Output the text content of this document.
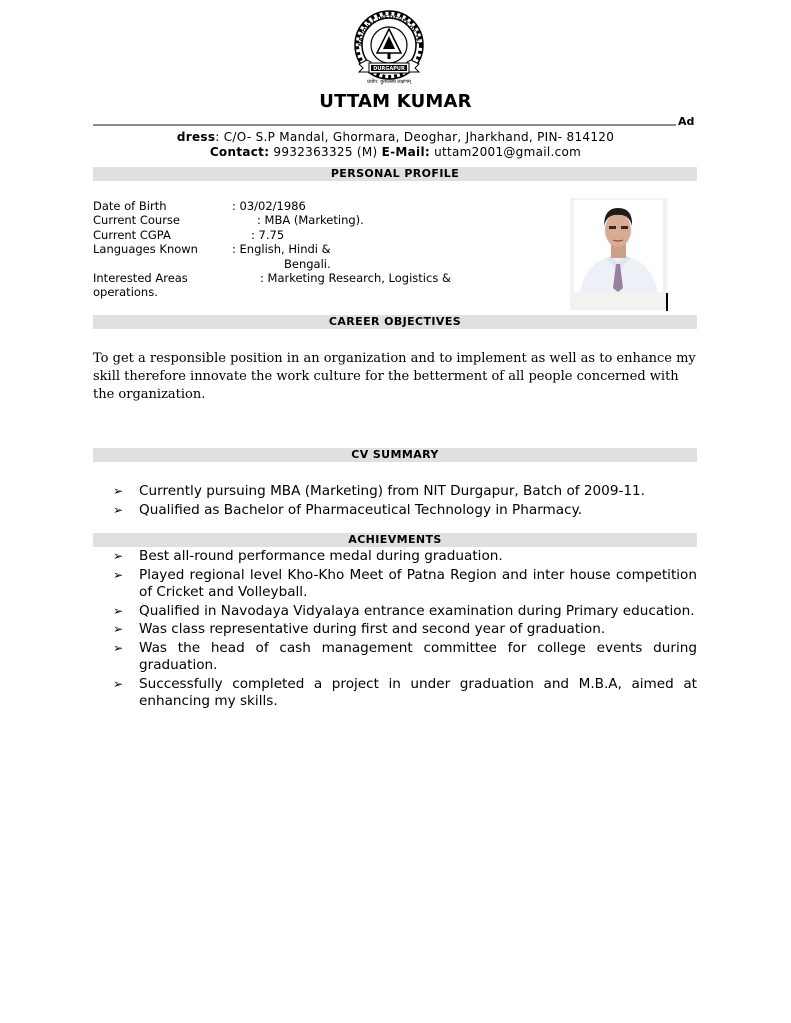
NATIONAL INSTITUTE OF TEC
DURGAPUR
प्रयोग: कुशलस्य लक्षणम्
UTTAM KUMAR
Ad
dress: C/O- S.P Mandal, Ghormara, Deoghar, Jharkhand, PIN- 814120
Contact: 9932363325 (M) E-Mail: uttam2001@gmail.com
PERSONAL PROFILE
Date of Birth	: 03/02/1986
Current Course	: MBA (Marketing).
Current CGPA	: 7.75
Languages Known	: English, Hindi &
Bengali.
Interested Areas	: Marketing Research, Logistics &
operations.
CAREER OBJECTIVES
To get a responsible position in an organization and to implement as well as to enhance my skill therefore innovate the work culture for the betterment of all people concerned with the organization.
CV SUMMARY
➢ Currently pursuing MBA (Marketing) from NIT Durgapur, Batch of 2009-11.
➢ Qualified as Bachelor of Pharmaceutical Technology in Pharmacy.
ACHIEVMENTS
➢ Best all-round performance medal during graduation.
➢ Played regional level Kho-Kho Meet of Patna Region and inter house competition of Cricket and Volleyball.
➢ Qualified in Navodaya Vidyalaya entrance examination during Primary education.
➢ Was class representative during first and second year of graduation.
➢ Was the head of cash management committee for college events during graduation.
➢ Successfully completed a project in under graduation and M.B.A, aimed at enhancing my skills.
